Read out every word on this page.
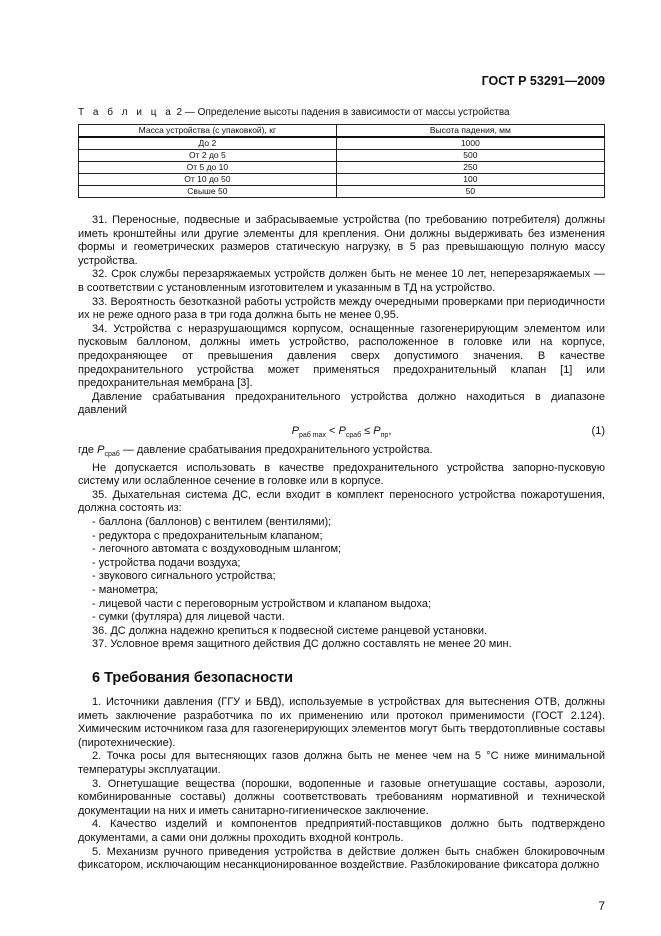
ГОСТ Р 53291—2009
Т а б л и ц а 2 — Определение высоты падения в зависимости от массы устройства
Масса устройства (с упаковкой), кг	Высота падения, мм
До 2	1000
От 2 до 5	500
От 5 до 10	250
От 10 до 50	100
Свыше 50	50

31. Переносные, подвесные и забрасываемые устройства (по требованию потребителя) должны иметь кронштейны или другие элементы для крепления. Они должны выдерживать без изменения формы и геометрических размеров статическую нагрузку, в 5 раз превышающую полную массу устройства.

32. Срок службы перезаряжаемых устройств должен быть не менее 10 лет, неперезаряжаемых — в соответствии с установленным изготовителем и указанным в ТД на устройство.

33. Вероятность безотказной работы устройств между очередными проверками при периодичности их не реже одного раза в три года должна быть не менее 0,95.

34. Устройства с неразрушающимся корпусом, оснащенные газогенерирующим элементом или пусковым баллоном, должны иметь устройство, расположенное в головке или на корпусе, предохраняющее от превышения давления сверх допустимого значения. В качестве предохранительного устройства может применяться предохранительный клапан [1] или предохранительная мембрана [3].

Давление срабатывания предохранительного устройства должно находиться в диапазоне давлений

$P_{раб max} < P_{сраб} \le P_{пр}$,	(1)

где $P_{сраб}$ — давление срабатывания предохранительного устройства.

Не допускается использовать в качестве предохранительного устройства запорно-пусковую систему или ослабленное сечение в головке или в корпусе.

35. Дыхательная система ДС, если входит в комплект переносного устройства пожаротушения, должна состоять из:

- баллона (баллонов) с вентилем (вентилями);

- редуктора с предохранительным клапаном;

- легочного автомата с воздуховодным шлангом;

- устройства подачи воздуха;

- звукового сигнального устройства;

- манометра;

- лицевой части с переговорным устройством и клапаном выдоха;

- сумки (футляра) для лицевой части.

36. ДС должна надежно крепиться к подвесной системе ранцевой установки.

37. Условное время защитного действия ДС должно составлять не менее 20 мин.

6 Требования безопасности

1. Источники давления (ГГУ и БВД), используемые в устройствах для вытеснения ОТВ, должны иметь заключение разработчика по их применению или протокол применимости (ГОСТ 2.124). Химическим источником газа для газогенерирующих элементов могут быть твердотопливные составы (пиротехнические).

2. Точка росы для вытесняющих газов должна быть не менее чем на 5 °С ниже минимальной температуры эксплуатации.

3. Огнетушащие вещества (порошки, водопенные и газовые огнетушащие составы, аэрозоли, комбинированные составы) должны соответствовать требованиям нормативной и технической документации на них и иметь санитарно-гигиеническое заключение.

4. Качество изделий и компонентов предприятий-поставщиков должно быть подтверждено документами, а сами они должны проходить входной контроль.

5. Механизм ручного приведения устройства в действие должен быть снабжен блокировочным фиксатором, исключающим несанкционированное воздействие. Разблокирование фиксатора должно

7
